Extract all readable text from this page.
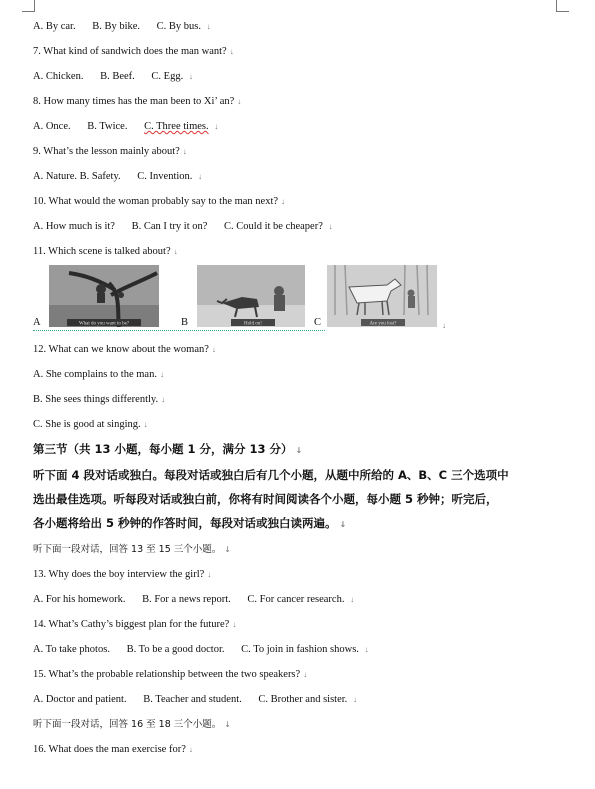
A. By car. B. By bike. C. By bus. ↓
7. What kind of sandwich does the man want? ↓
A. Chicken. B. Beef. C. Egg. ↓
8. How many times has the man been to Xi’ an? ↓
A. Once. B. Twice. C. Three times. ↓
9. What’s the lesson mainly about? ↓
A. Nature. B. Safety. C. Invention. ↓
10. What would the woman probably say to the man next? ↓
A. How much is it? B. Can I try it on? C. Could it be cheaper? ↓
11. Which scene is talked about? ↓
A	What do you want to be?	B	Hold on!	C	Are you lost?	↓
12. What can we know about the woman? ↓
A. She complains to the man. ↓
B. She sees things differently. ↓
C. She is good at singing. ↓
第三节（共 13 小题，每小题 1 分，满分 13 分） ↓
听下面 4 段对话或独白。每段对话或独白后有几个小题，从题中所给的 A、B、C 三个选项中
选出最佳选项。听每段对话或独白前，你将有时间阅读各个小题，每小题 5 秒钟；听完后，
各小题将给出 5 秒钟的作答时间，每段对话或独白读两遍。 ↓
听下面一段对话，回答 13 至 15 三个小题。 ↓
13. Why does the boy interview the girl? ↓
A. For his homework. B. For a news report. C. For cancer research. ↓
14. What’s Cathy’s biggest plan for the future? ↓
A. To take photos. B. To be a good doctor. C. To join in fashion shows. ↓
15. What’s the probable relationship between the two speakers? ↓
A. Doctor and patient. B. Teacher and student. C. Brother and sister. ↓
听下面一段对话，回答 16 至 18 三个小题。 ↓
16. What does the man exercise for? ↓
